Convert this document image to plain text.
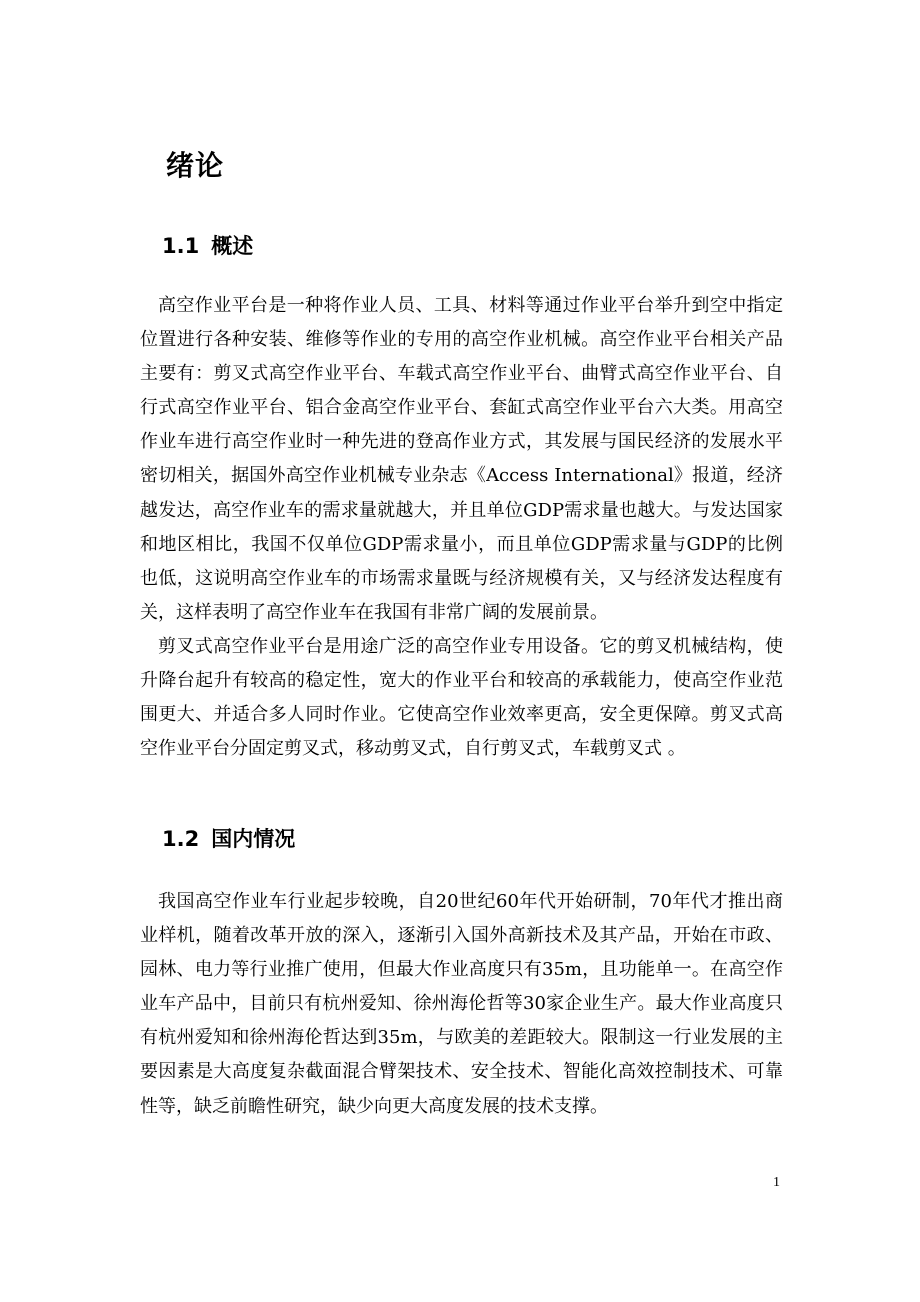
绪论
1.1 概述

高空作业平台是一种将作业人员、工具、材料等通过作业平台举升到空中指定位置进行各种安装、维修等作业的专用的高空作业机械。高空作业平台相关产品主要有：剪叉式高空作业平台、车载式高空作业平台、曲臂式高空作业平台、自行式高空作业平台、铝合金高空作业平台、套缸式高空作业平台六大类。用高空作业车进行高空作业时一种先进的登高作业方式，其发展与国民经济的发展水平密切相关，据国外高空作业机械专业杂志《Access International》报道，经济越发达，高空作业车的需求量就越大，并且单位GDP需求量也越大。与发达国家和地区相比，我国不仅单位GDP需求量小，而且单位GDP需求量与GDP的比例也低，这说明高空作业车的市场需求量既与经济规模有关，又与经济发达程度有关，这样表明了高空作业车在我国有非常广阔的发展前景。

剪叉式高空作业平台是用途广泛的高空作业专用设备。它的剪叉机械结构，使升降台起升有较高的稳定性，宽大的作业平台和较高的承载能力，使高空作业范围更大、并适合多人同时作业。它使高空作业效率更高，安全更保障。剪叉式高空作业平台分固定剪叉式，移动剪叉式，自行剪叉式，车载剪叉式 。

1.2 国内情况

我国高空作业车行业起步较晚，自20世纪60年代开始研制，70年代才推出商业样机，随着改革开放的深入，逐渐引入国外高新技术及其产品，开始在市政、园林、电力等行业推广使用，但最大作业高度只有35m，且功能单一。在高空作业车产品中，目前只有杭州爱知、徐州海伦哲等30家企业生产。最大作业高度只有杭州爱知和徐州海伦哲达到35m，与欧美的差距较大。限制这一行业发展的主要因素是大高度复杂截面混合臂架技术、安全技术、智能化高效控制技术、可靠性等，缺乏前瞻性研究，缺少向更大高度发展的技术支撑。

1
